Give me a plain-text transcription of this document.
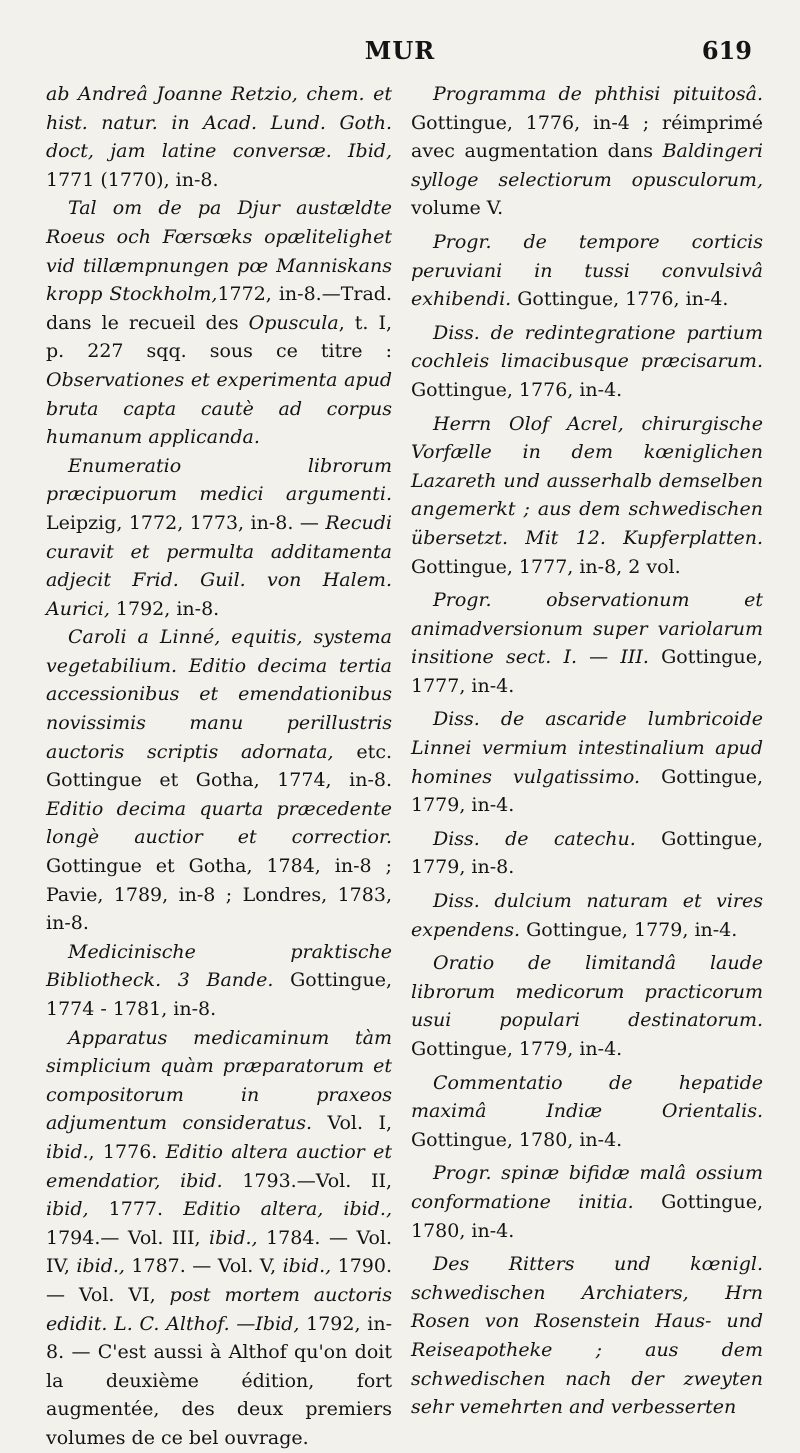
MUR	619

ab Andreâ Joanne Retzio, chem. et hist. natur. in Acad. Lund. Goth. doct, jam latine conversæ. Ibid, 1771 (1770), in-8.

Tal om de pa Djur austældte Roeus och Fœrsœks opælitelighet vid tillæmpnungen pœ Manniskans kropp Stockholm,1772, in-8.—Trad. dans le recueil des Opuscula, t. I, p. 227 sqq. sous ce titre : Observationes et experimenta apud bruta capta cautè ad corpus humanum applicanda.

Enumeratio librorum præcipuorum medici argumenti. Leipzig, 1772, 1773, in-8. — Recudi curavit et permulta additamenta adjecit Frid. Guil. von Halem. Aurici, 1792, in-8.

Caroli a Linné, equitis, systema vegetabilium. Editio decima tertia accessionibus et emendationibus novissimis manu perillustris auctoris scriptis adornata, etc. Gottingue et Gotha, 1774, in-8. Editio decima quarta præcedente longè auctior et correctior. Gottingue et Gotha, 1784, in-8 ; Pavie, 1789, in-8 ; Londres, 1783, in-8.

Medicinische praktische Bibliotheck. 3 Bande. Gottingue, 1774 - 1781, in-8.

Apparatus medicaminum tàm simplicium quàm præparatorum et compositorum in praxeos adjumentum consideratus. Vol. I, ibid., 1776. Editio altera auctior et emendatior, ibid. 1793.—Vol. II, ibid, 1777. Editio altera, ibid., 1794.— Vol. III, ibid., 1784. — Vol. IV, ibid., 1787. — Vol. V, ibid., 1790. — Vol. VI, post mortem auctoris edidit. L. C. Althof. —Ibid, 1792, in-8. — C'est aussi à Althof qu'on doit la deuxième édition, fort augmentée, des deux premiers volumes de ce bel ouvrage.

Programma de phthisi pituitosâ. Gottingue, 1776, in-4 ; réimprimé avec augmentation dans Baldingeri sylloge selectiorum opusculorum, volume V.

Progr. de tempore corticis peruviani in tussi convulsivâ exhibendi. Gottingue, 1776, in-4.

Diss. de redintegratione partium cochleis limacibusque præcisarum. Gottingue, 1776, in-4.

Herrn Olof Acrel, chirurgische Vorfælle in dem kœniglichen Lazareth und ausserhalb demselben angemerkt ; aus dem schwedischen übersetzt. Mit 12. Kupferplatten. Gottingue, 1777, in-8, 2 vol.

Progr. observationum et animadversionum super variolarum insitione sect. I. — III. Gottingue, 1777, in-4.

Diss. de ascaride lumbricoide Linnei vermium intestinalium apud homines vulgatissimo. Gottingue, 1779, in-4.

Diss. de catechu. Gottingue, 1779, in-8.

Diss. dulcium naturam et vires expendens. Gottingue, 1779, in-4.

Oratio de limitandâ laude librorum medicorum practicorum usui populari destinatorum. Gottingue, 1779, in-4.

Commentatio de hepatide maximâ Indiæ Orientalis. Gottingue, 1780, in-4.

Progr. spinæ bifidæ malâ ossium conformatione initia. Gottingue, 1780, in-4.

Des Ritters und kœnigl. schwedischen Archiaters, Hrn Rosen von Rosenstein Haus- und Reiseapotheke ; aus dem schwedischen nach der zweyten sehr vemehrten and verbesserten
